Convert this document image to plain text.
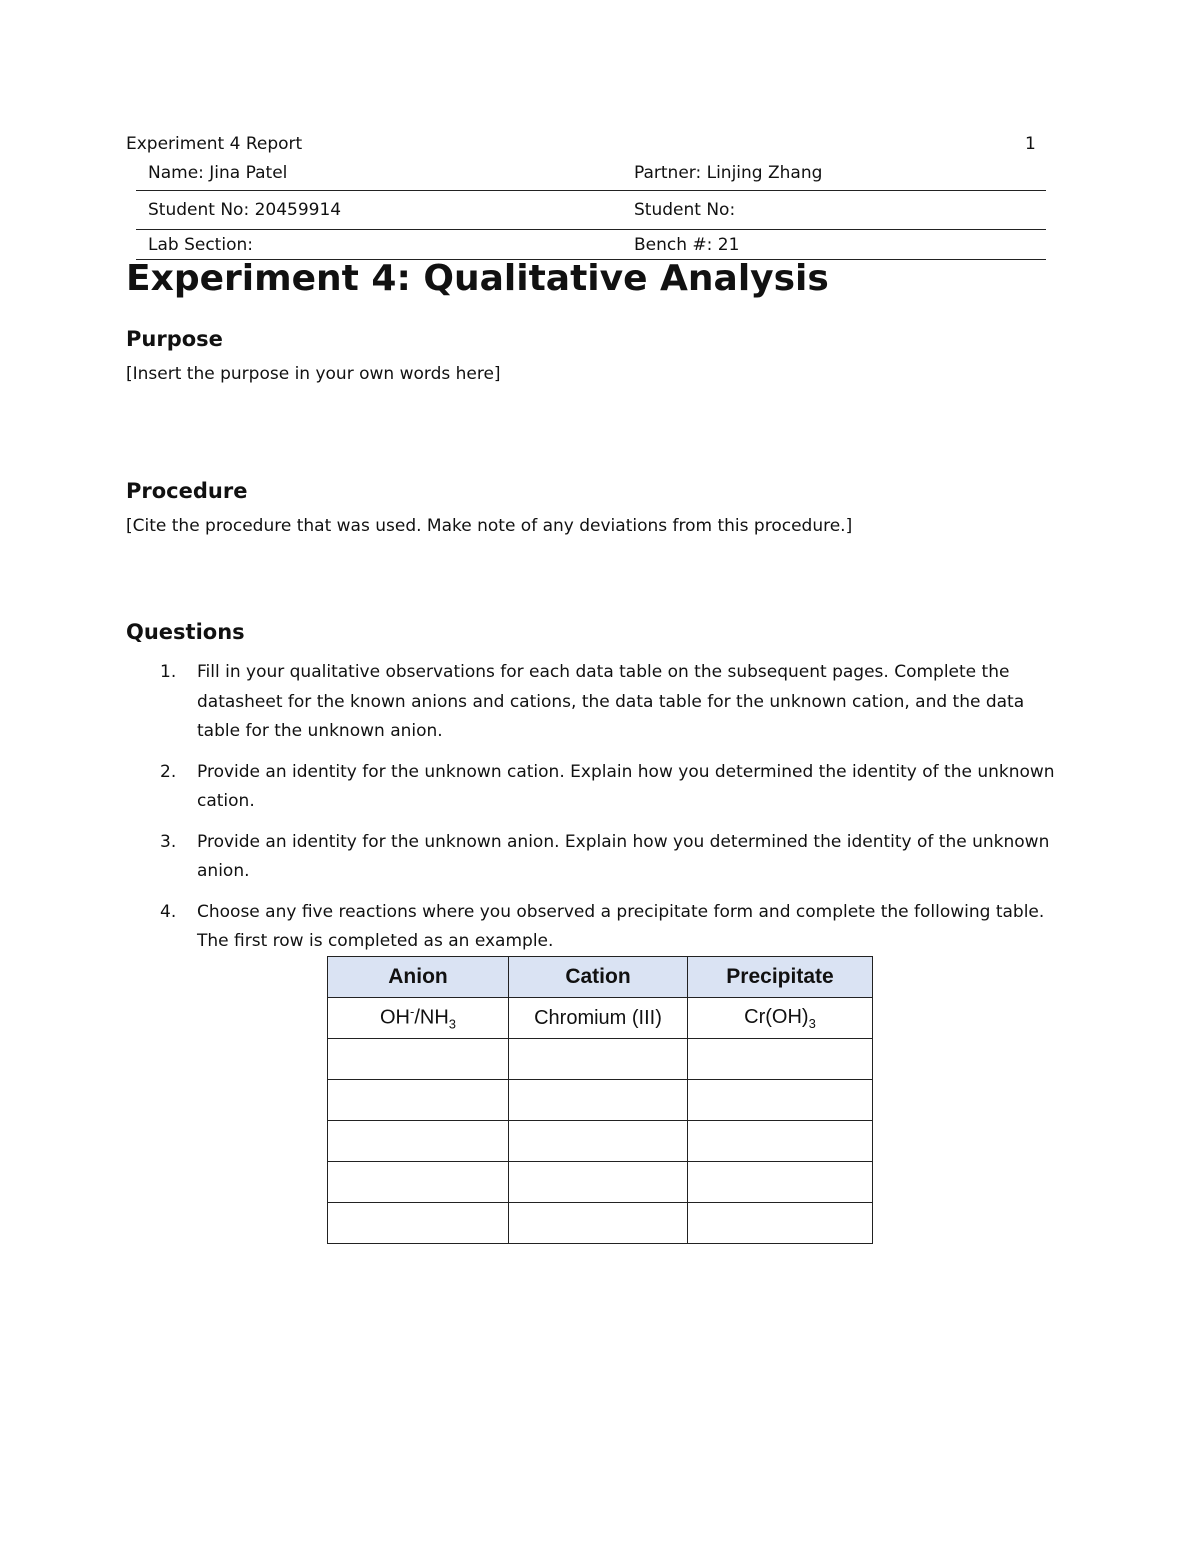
Experiment 4 Report	1
Name: Jina Patel	Partner: Linjing Zhang
Student No: 20459914	Student No:
Lab Section:	Bench #: 21
Experiment 4: Qualitative Analysis
Purpose

[Insert the purpose in your own words here]

Procedure

[Cite the procedure that was used. Make note of any deviations from this procedure.]

Questions
1.	Fill in your qualitative observations for each data table on the subsequent pages. Complete the datasheet for the known anions and cations, the data table for the unknown cation, and the data table for the unknown anion.
2.	Provide an identity for the unknown cation. Explain how you determined the identity of the unknown cation.
3.	Provide an identity for the unknown anion. Explain how you determined the identity of the unknown anion.
4.	Choose any five reactions where you observed a precipitate form and complete the following table. The first row is completed as an example.
Anion	Cation	Precipitate
$OH^-/NH_3$	Chromium (III)	$Cr(OH)_3$
